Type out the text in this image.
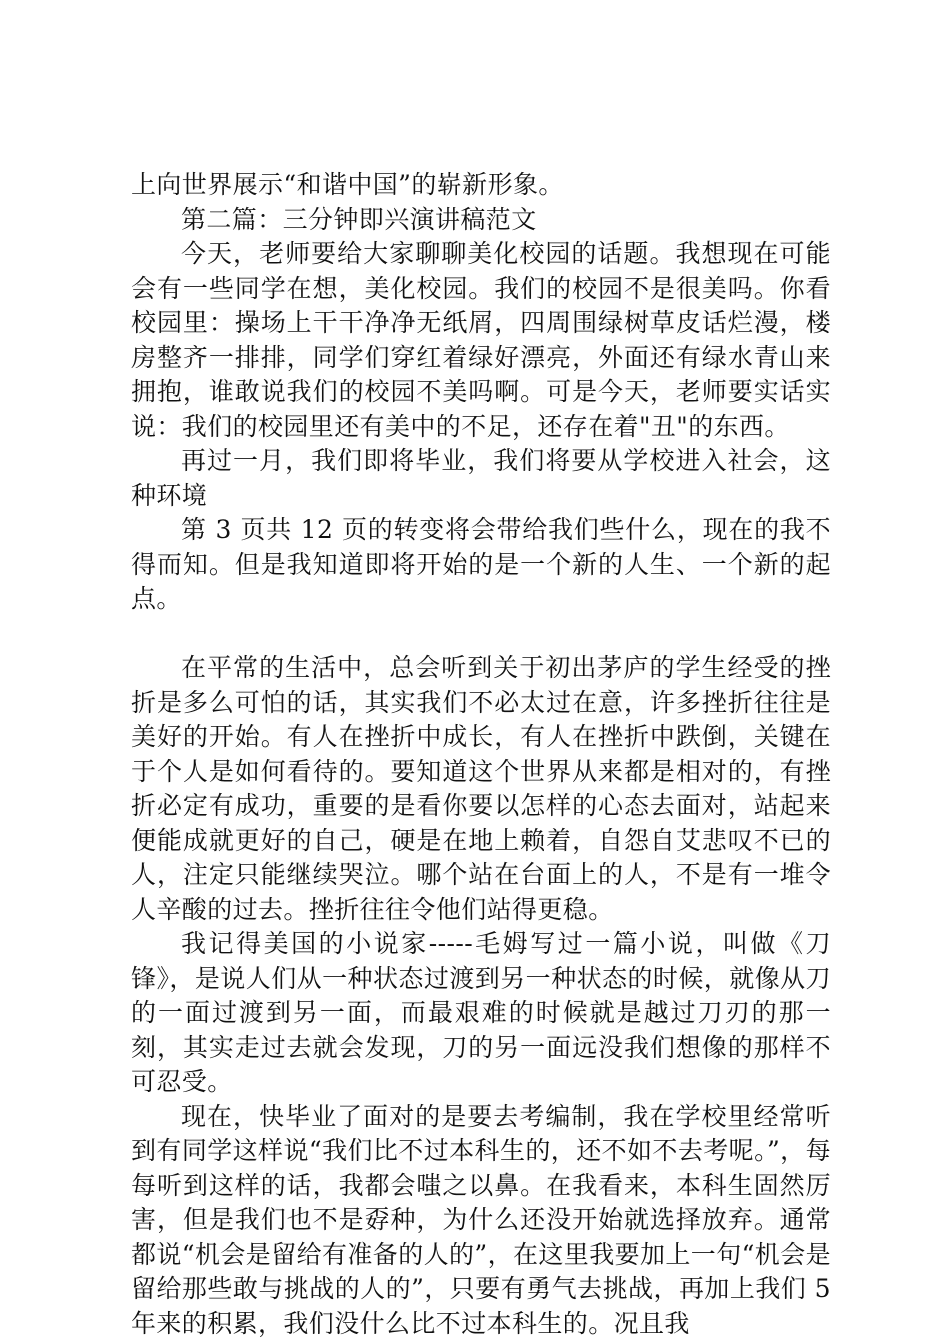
上向世界展示“和谐中国”的崭新形象。

第二篇：三分钟即兴演讲稿范文

今天，老师要给大家聊聊美化校园的话题。我想现在可能会有一些同学在想，美化校园。我们的校园不是很美吗。你看校园里：操场上干干净净无纸屑，四周围绿树草皮话烂漫，楼房整齐一排排，同学们穿红着绿好漂亮，外面还有绿水青山来拥抱，谁敢说我们的校园不美吗啊。可是今天，老师要实话实说：我们的校园里还有美中的不足，还存在着"丑"的东西。

再过一月，我们即将毕业，我们将要从学校进入社会，这种环境

第 3 页共 12 页的转变将会带给我们些什么，现在的我不得而知。但是我知道即将开始的是一个新的人生、一个新的起点。

在平常的生活中，总会听到关于初出茅庐的学生经受的挫折是多么可怕的话，其实我们不必太过在意，许多挫折往往是美好的开始。有人在挫折中成长，有人在挫折中跌倒，关键在于个人是如何看待的。要知道这个世界从来都是相对的，有挫折必定有成功，重要的是看你要以怎样的心态去面对，站起来便能成就更好的自己，硬是在地上赖着，自怨自艾悲叹不已的人，注定只能继续哭泣。哪个站在台面上的人，不是有一堆令人辛酸的过去。挫折往往令他们站得更稳。

我记得美国的小说家-----毛姆写过一篇小说，叫做《刀锋》，是说人们从一种状态过渡到另一种状态的时候，就像从刀的一面过渡到另一面，而最艰难的时候就是越过刀刃的那一刻，其实走过去就会发现，刀的另一面远没我们想像的那样不可忍受。

现在，快毕业了面对的是要去考编制，我在学校里经常听到有同学这样说“我们比不过本科生的，还不如不去考呢。”，每每听到这样的话，我都会嗤之以鼻。在我看来，本科生固然厉害，但是我们也不是孬种，为什么还没开始就选择放弃。通常都说“机会是留给有准备的人的”，在这里我要加上一句“机会是留给那些敢与挑战的人的”，只要有勇气去挑战，再加上我们 5 年来的积累，我们没什么比不过本科生的。况且我
